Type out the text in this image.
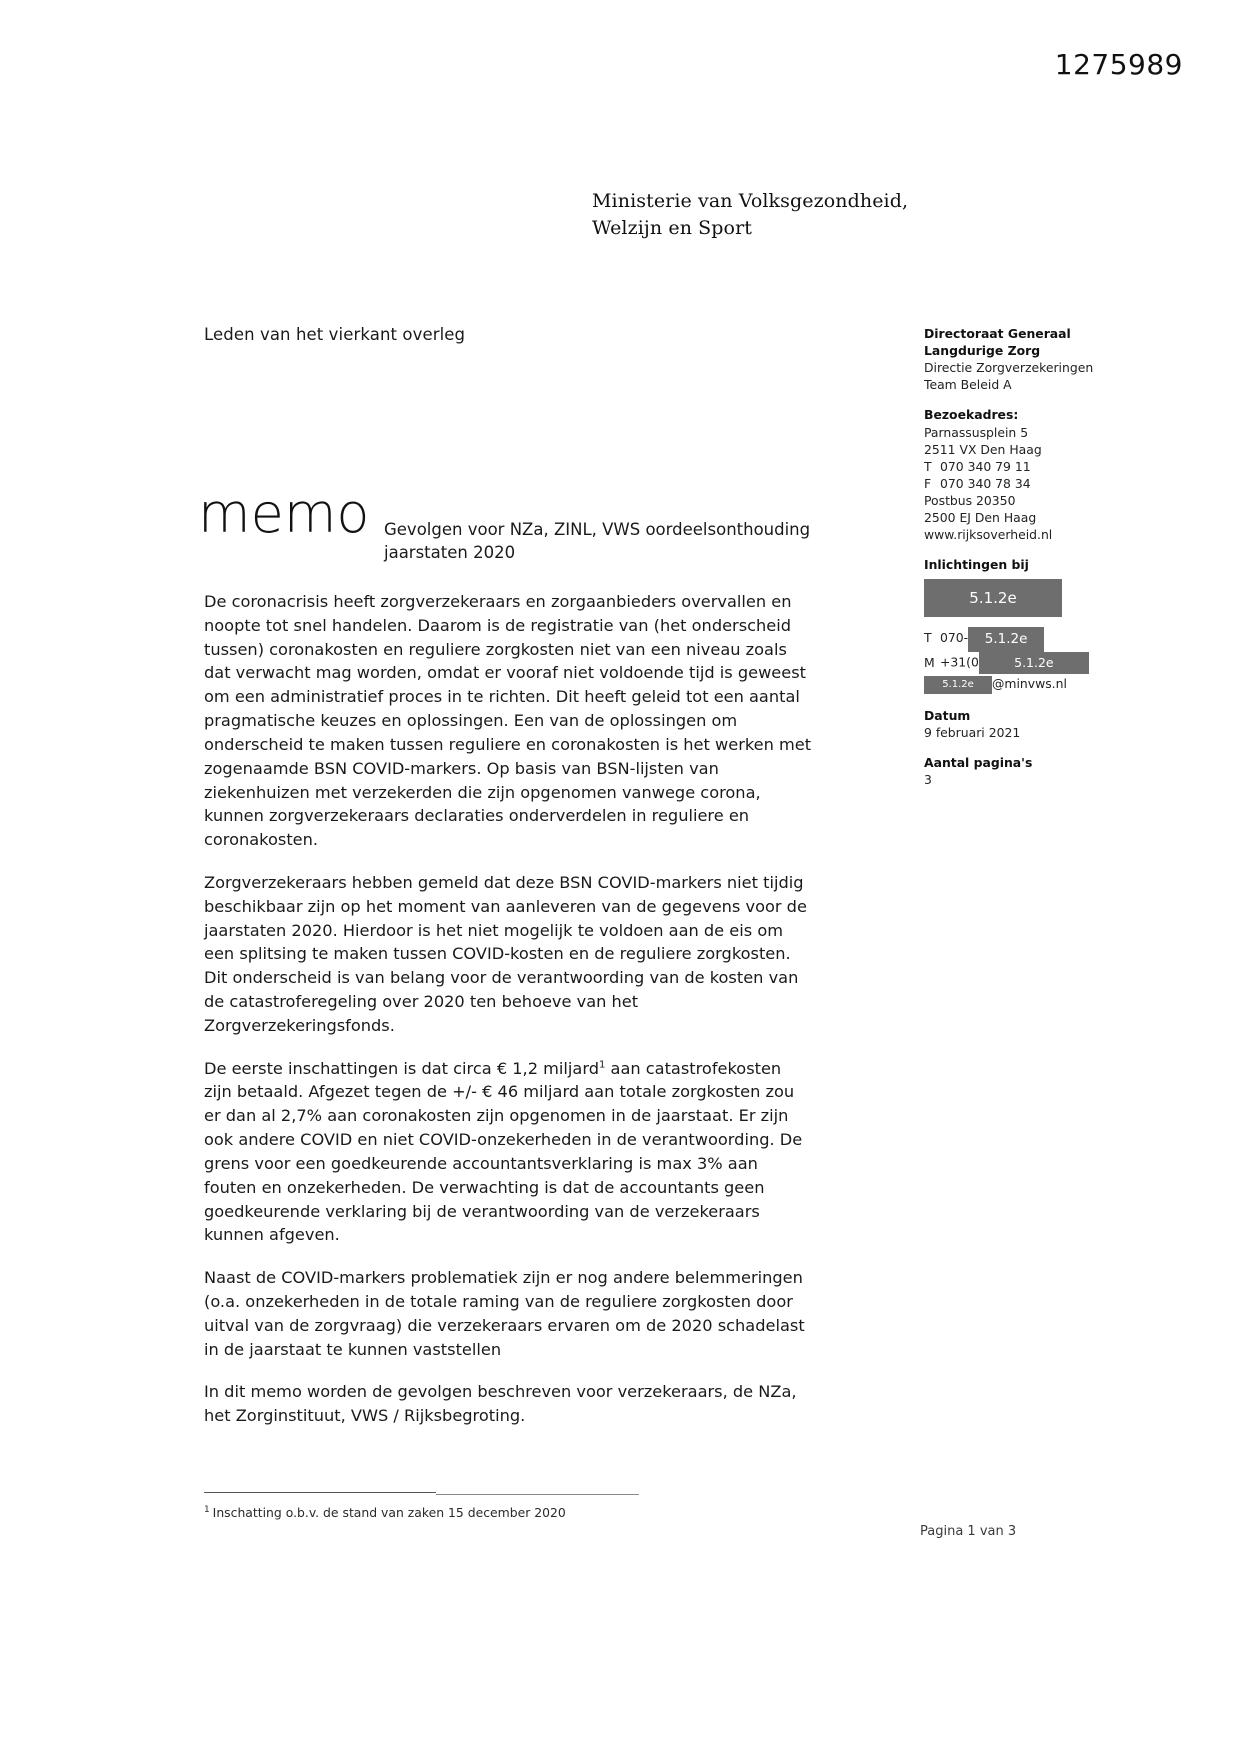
1275989
Ministerie van Volksgezondheid,
Welzijn en Sport
Leden van het vierkant overleg
memo Gevolgen voor NZa, ZINL, VWS oordeelsonthouding jaarstaten 2020

De coronacrisis heeft zorgverzekeraars en zorgaanbieders overvallen en noopte tot snel handelen. Daarom is de registratie van (het onderscheid tussen) coronakosten en reguliere zorgkosten niet van een niveau zoals dat verwacht mag worden, omdat er vooraf niet voldoende tijd is geweest om een administratief proces in te richten. Dit heeft geleid tot een aantal pragmatische keuzes en oplossingen. Een van de oplossingen om onderscheid te maken tussen reguliere en coronakosten is het werken met zogenaamde BSN COVID-markers. Op basis van BSN-lijsten van ziekenhuizen met verzekerden die zijn opgenomen vanwege corona, kunnen zorgverzekeraars declaraties onderverdelen in reguliere en coronakosten.

Zorgverzekeraars hebben gemeld dat deze BSN COVID-markers niet tijdig beschikbaar zijn op het moment van aanleveren van de gegevens voor de jaarstaten 2020. Hierdoor is het niet mogelijk te voldoen aan de eis om een splitsing te maken tussen COVID-kosten en de reguliere zorgkosten. Dit onderscheid is van belang voor de verantwoording van de kosten van de catastroferegeling over 2020 ten behoeve van het Zorgverzekeringsfonds.

De eerste inschattingen is dat circa € 1,2 miljard$^1$ aan catastrofekosten zijn betaald. Afgezet tegen de +/- € 46 miljard aan totale zorgkosten zou er dan al 2,7% aan coronakosten zijn opgenomen in de jaarstaat. Er zijn ook andere COVID en niet COVID-onzekerheden in de verantwoording. De grens voor een goedkeurende accountantsverklaring is max 3% aan fouten en onzekerheden. De verwachting is dat de accountants geen goedkeurende verklaring bij de verantwoording van de verzekeraars kunnen afgeven.

Naast de COVID-markers problematiek zijn er nog andere belemmeringen (o.a. onzekerheden in de totale raming van de reguliere zorgkosten door uitval van de zorgvraag) die verzekeraars ervaren om de 2020 schadelast in de jaarstaat te kunnen vaststellen

In dit memo worden de gevolgen beschreven voor verzekeraars, de NZa, het Zorginstituut, VWS / Rijksbegroting.

Directoraat Generaal
Langdurige Zorg
Directie Zorgverzekeringen
Team Beleid A
Bezoekadres:
Parnassusplein 5
2511 VX Den Haag
T 070 340 79 11
F 070 340 78 34
Postbus 20350
2500 EJ Den Haag
www.rijksoverheid.nl
Inlichtingen bij
5.1.2e
T 070- 5.1.2e
M +31(0	5.1.2e
5.1.2e @minvws.nl
Datum
9 februari 2021
Aantal pagina's
3
$^1$ Inschatting o.b.v. de stand van zaken 15 december 2020
Pagina 1 van 3
